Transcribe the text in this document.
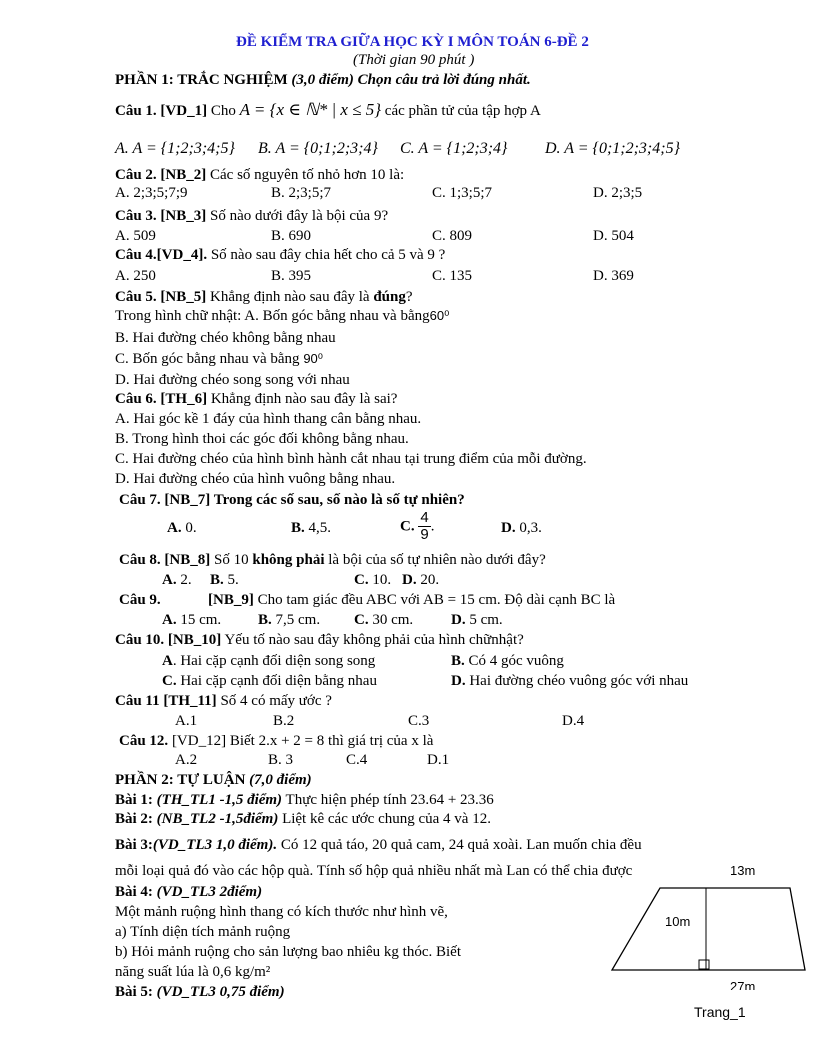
ĐỀ KIỂM TRA GIỮA HỌC KỲ I MÔN TOÁN 6-ĐỀ 2
(Thời gian 90 phút )
PHẦN 1: TRẮC NGHIỆM (3,0 điểm) Chọn câu trả lời đúng nhất.
Câu 1. [VD_1] Cho A = {x ∈ ℕ* | x ≤ 5} các phần tử của tập hợp A
A. A = {1;2;3;4;5} B. A = {0;1;2;3;4} C. A = {1;2;3;4} D. A = {0;1;2;3;4;5}
Câu 2. [NB_2] Các số nguyên tố nhỏ hơn 10 là:
A. 2;3;5;7;9	B. 2;3;5;7	C. 1;3;5;7	D. 2;3;5
Câu 3. [NB_3] Số nào dưới đây là bội của 9?
A. 509	B. 690	C. 809	D. 504
Câu 4.[VD_4]. Số nào sau đây chia hết cho cả 5 và 9 ?
A. 250	B. 395	C. 135	D. 369
Câu 5. [NB_5] Khẳng định nào sau đây là đúng?
Trong hình chữ nhật: A. Bốn góc bằng nhau và bằng60⁰
B. Hai đường chéo không bằng nhau
C. Bốn góc bằng nhau và bằng 90⁰
D. Hai đường chéo song song với nhau
Câu 6. [TH_6] Khẳng định nào sau đây là sai?
A. Hai góc kề 1 đáy của hình thang cân bằng nhau.
B. Trong hình thoi các góc đối không bằng nhau.
C. Hai đường chéo của hình bình hành cắt nhau tại trung điểm của mỗi đường.
D. Hai đường chéo của hình vuông bằng nhau.
Câu 7. [NB_7] Trong các số sau, số nào là số tự nhiên?
A. 0.	B. 4,5.	C. $\frac{4}{9}$ .	D. 0,3.
Câu 8. [NB_8] Số 10 không phải là bội của số tự nhiên nào dưới đây?
A. 2. B. 5.	C. 10. D. 20.
Câu 9.	[NB_9] Cho tam giác đều ABC với AB = 15 cm. Độ dài cạnh BC là
A. 15 cm. B. 7,5 cm. C. 30 cm.	D. 5 cm.
Câu 10. [NB_10] Yếu tố nào sau đây không phải của hình chữnhật?
A. Hai cặp cạnh đối diện song song	B. Có 4 góc vuông
C. Hai cặp cạnh đối diện bằng nhau	D. Hai đường chéo vuông góc với nhau
Câu 11 [TH_11] Số 4 có mấy ước ?
A.1	B.2	C.3	D.4
Câu 12. [VD_12] Biết 2.x + 2 = 8 thì giá trị của x là
A.2	B. 3	C.4	D.1
PHẦN 2: TỰ LUẬN (7,0 điểm)
Bài 1: (TH_TL1 -1,5 điểm) Thực hiện phép tính 23.64 + 23.36
Bài 2: (NB_TL2 -1,5điểm) Liệt kê các ước chung của 4 và 12.
Bài 3:(VD_TL3 1,0 điểm). Có 12 quả táo, 20 quả cam, 24 quả xoài. Lan muốn chia đều
mỗi loại quả đó vào các hộp quà. Tính số hộp quả nhiều nhất mà Lan có thể chia được
Bài 4: (VD_TL3 2điểm)
Một mảnh ruộng hình thang có kích thước như hình vẽ,
a) Tính diện tích mảnh ruộng
b) Hỏi mảnh ruộng cho sản lượng bao nhiêu kg thóc. Biết
năng suất lúa là 0,6 kg/m²
Bài 5: (VD_TL3 0,75 điểm)
13m
10m
27m
Trang_1
